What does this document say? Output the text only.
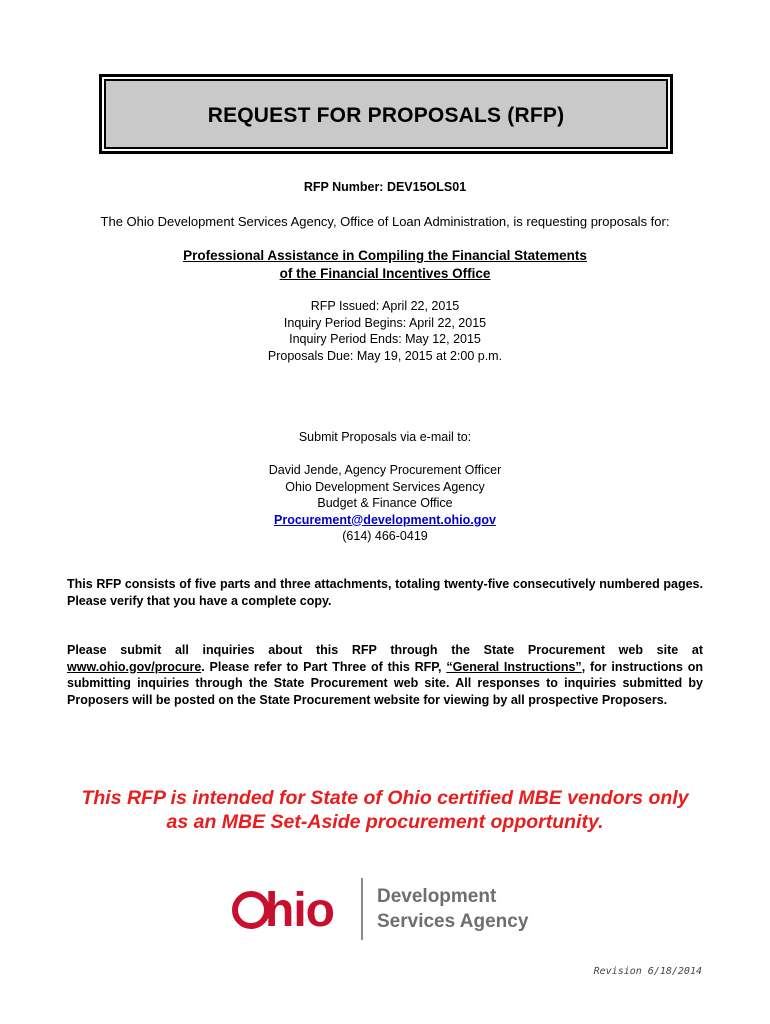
REQUEST FOR PROPOSALS (RFP)
RFP Number: DEV15OLS01
The Ohio Development Services Agency, Office of Loan Administration, is requesting proposals for:
Professional Assistance in Compiling the Financial Statements
of the Financial Incentives Office
RFP Issued: April 22, 2015
Inquiry Period Begins: April 22, 2015
Inquiry Period Ends: May 12, 2015
Proposals Due: May 19, 2015 at 2:00 p.m.
Submit Proposals via e-mail to:
David Jende, Agency Procurement Officer
Ohio Development Services Agency
Budget & Finance Office
Procurement@development.ohio.gov
(614) 466-0419
This RFP consists of five parts and three attachments, totaling twenty-five consecutively numbered pages. Please verify that you have a complete copy.
Please submit all inquiries about this RFP through the State Procurement web site at www.ohio.gov/procure. Please refer to Part Three of this RFP, “General Instructions”, for instructions on submitting inquiries through the State Procurement web site. All responses to inquiries submitted by Proposers will be posted on the State Procurement website for viewing by all prospective Proposers.
This RFP is intended for State of Ohio certified MBE vendors only
as an MBE Set-Aside procurement opportunity.
hio Development
Services Agency
Revision 6/18/2014
